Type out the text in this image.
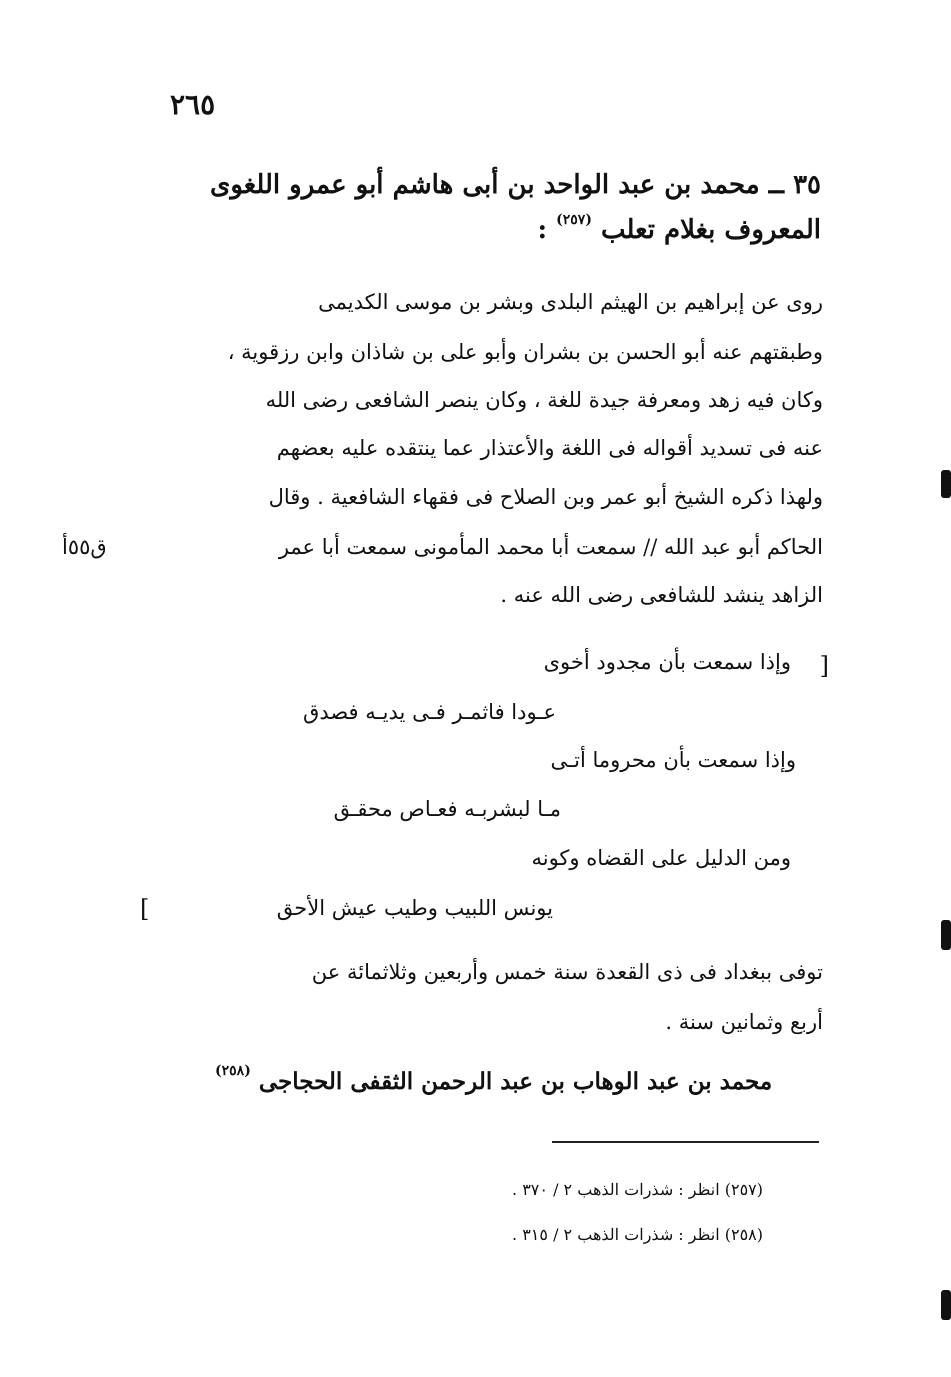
٢٦٥
٣٥ ــ محمد بن عبد الواحد بن أبى هاشم أبو عمرو اللغوى
المعروف بغلام تعلب $^{(٢٥٧)}$ :
روى عن إبراهيم بن الهيثم البلدى وبشر بن موسى الكديمى
وطبقتهم عنه أبو الحسن بن بشران وأبو على بن شاذان وابن رزقوية ،
وكان فيه زهد ومعرفة جيدة للغة ، وكان ينصر الشافعى رضى الله
عنه فى تسديد أقواله فى اللغة والأعتذار عما ينتقده عليه بعضهم
ولهذا ذكره الشيخ أبو عمر وبن الصلاح فى فقهاء الشافعية . وقال
الحاكم أبو عبد الله // سمعت أبا محمد المأمونى سمعت أبا عمر
الزاهد ينشد للشافعى رضى الله عنه .
ق٥٥أ
[
وإذا سمعت بأن مجدود أخوى
عـودا فاثمـر فـى يديـه فصدق
وإذا سمعت بأن محروما أتـى
مـا لبشربـه فعـاص محقـق
ومن الدليل على القضاه وكونه
يونس اللبيب وطيب عيش الأحق
]
توفى ببغداد فى ذى القعدة سنة خمس وأربعين وثلاثمائة عن
أربع وثمانين سنة .
محمد بن عبد الوهاب بن عبد الرحمن الثقفى الحجاجى $^{(٢٥٨)}$
(٢٥٧) انظر : شذرات الذهب ٢ / ٣٧٠ .
(٢٥٨) انظر : شذرات الذهب ٢ / ٣١٥ .
